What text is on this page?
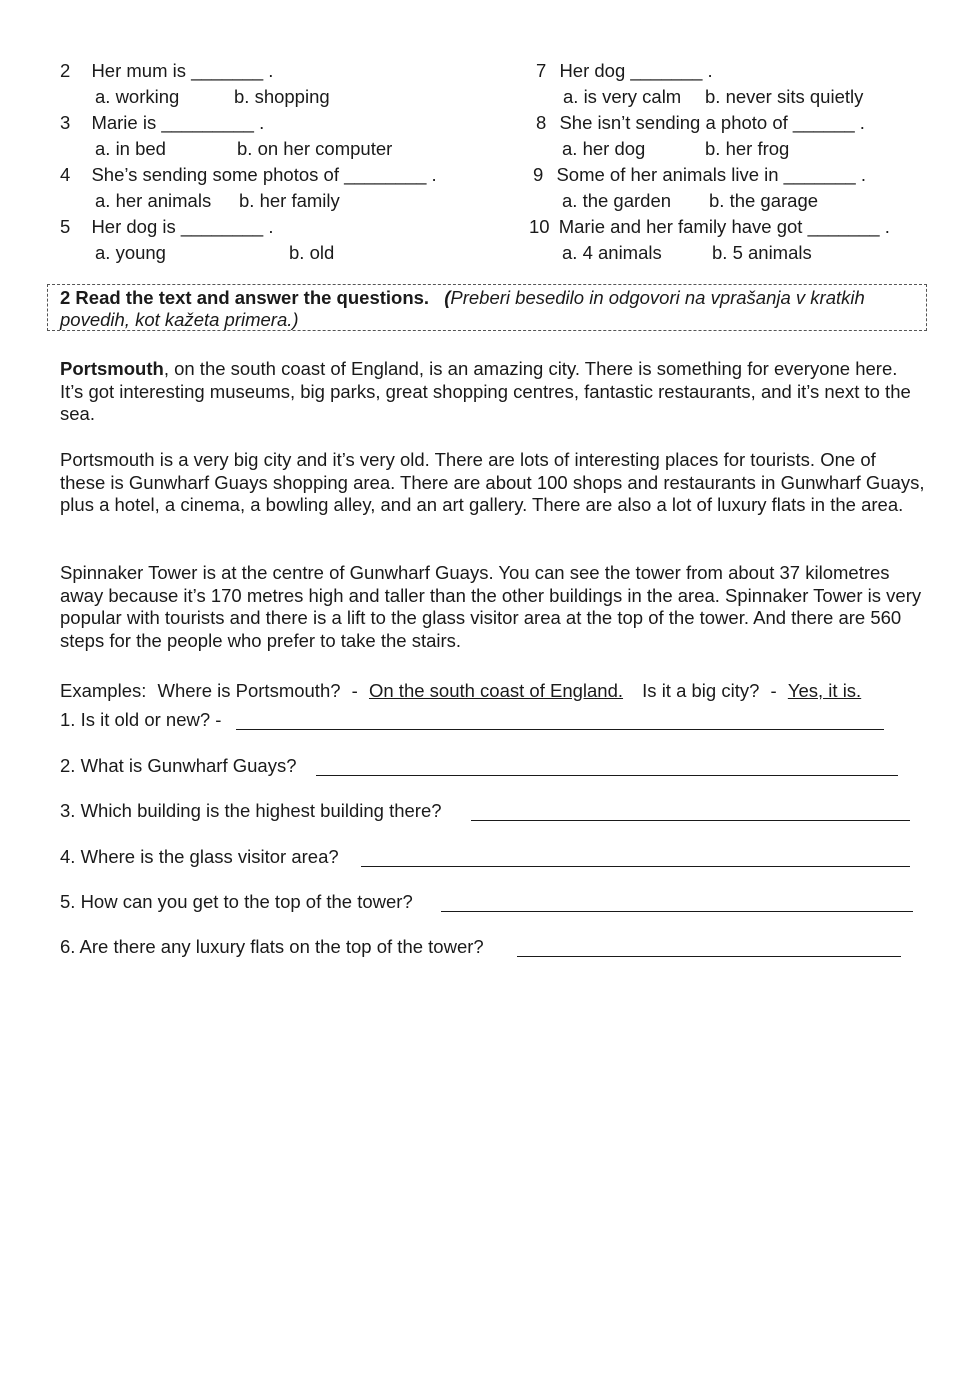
2 Her mum is _______ .
a. working	b. shopping
3 Marie is _________ .
a. in bed	b. on her computer
4 She’s sending some photos of ________ .
a. her animals b. her family
5 Her dog is ________ .
a. young	b. old
7 Her dog _______ .
a. is very calm b. never sits quietly
8 She isn’t sending a photo of ______ .
a. her dog	b. her frog
9 Some of her animals live in _______ .
a. the garden b. the garage
10 Marie and her family have got _______ .
a. 4 animals	b. 5 animals
2 Read the text and answer the questions. (Preberi besedilo in odgovori na vprašanja v kratkih
povedih, kot kažeta primera.)
Portsmouth, on the south coast of England, is an amazing city. There is something for everyone here. It’s got interesting museums, big parks, great shopping centres, fantastic restaurants, and it’s next to the sea.
Portsmouth is a very big city and it’s very old. There are lots of interesting places for tourists. One of these is Gunwharf Guays shopping area. There are about 100 shops and restaurants in Gunwharf Guays, plus a hotel, a cinema, a bowling alley, and an art gallery. There are also a lot of luxury flats in the area.
Spinnaker Tower is at the centre of Gunwharf Guays. You can see the tower from about 37 kilometres away because it’s 170 metres high and taller than the other buildings in the area. Spinnaker Tower is very popular with tourists and there is a lift to the glass visitor area at the top of the tower. And there are 560 steps for the people who prefer to take the stairs.
Examples: Where is Portsmouth? - On the south coast of England. Is it a big city? - Yes, it is.
1. Is it old or new? -
2. What is Gunwharf Guays?
3. Which building is the highest building there?
4. Where is the glass visitor area?
5. How can you get to the top of the tower?
6. Are there any luxury flats on the top of the tower?
